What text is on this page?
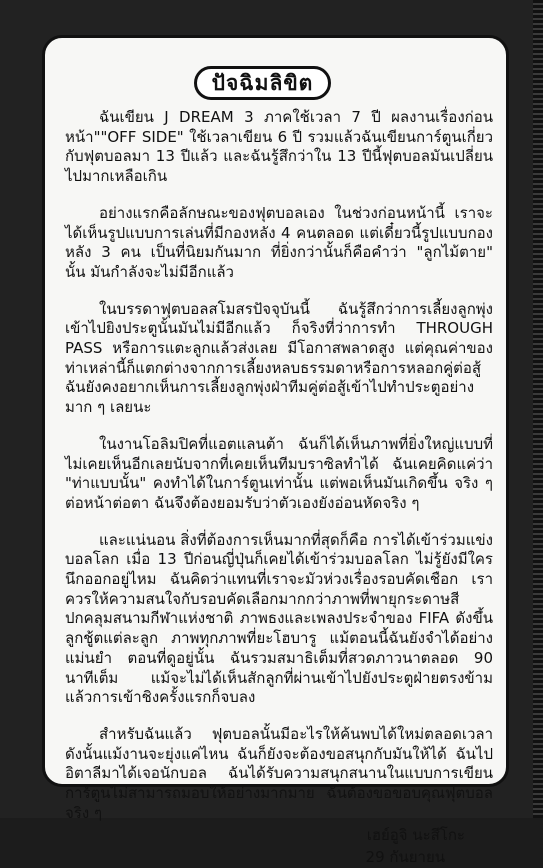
ปัจฉิมลิขิต

ฉันเขียน J DREAM 3 ภาคใช้เวลา 7 ปี ผลงานเรื่องก่อนหน้า""OFF SIDE" ใช้เวลาเขียน 6 ปี รวมแล้วฉันเขียนการ์ตูนเกี่ยวกับฟุตบอลมา 13 ปีแล้ว และฉันรู้สึกว่าใน 13 ปีนี้ฟุตบอลมันเปลี่ยนไปมากเหลือเกิน

อย่างแรกคือลักษณะของฟุตบอลเอง ในช่วงก่อนหน้านี้ เราจะได้เห็นรูปแบบการเล่นที่มีกองหลัง 4 คนตลอด แต่เดี๋ยวนี้รูปแบบกองหลัง 3 คน เป็นที่นิยมกันมาก ที่ยิ่งกว่านั้นก็คือคำว่า "ลูกไม้ตาย" นั้น มันกำลังจะไม่มีอีกแล้ว

ในบรรดาฟุตบอลสโมสรปัจจุบันนี้ ฉันรู้สึกว่าการเลี้ยงลูกพุ่งเข้าไปยิงประตูนั้นมันไม่มีอีกแล้ว ก็จริงที่ว่าการทำ THROUGH PASS หรือการแตะลูกแล้วส่งเลย มีโอกาสพลาดสูง แต่คุณค่าของท่าเหล่านี้ก็แตกต่างจากการเลี้ยงหลบธรรมดาหรือการหลอกคู่ต่อสู้ ฉันยังคงอยากเห็นการเลี้ยงลูกพุ่งฝ่าทีมคู่ต่อสู้เข้าไปทำประตูอย่างมาก ๆ เลยนะ

ในงานโอลิมปิคที่แอตแลนต้า ฉันก็ได้เห็นภาพที่ยิ่งใหญ่แบบที่ไม่เคยเห็นอีกเลยนับจากที่เคยเห็นทีมบราซิลทำได้ ฉันเคยคิดแค่ว่า "ท่าแบบนั้น" คงทำได้ในการ์ตูนเท่านั้น แต่พอเห็นมันเกิดขึ้น จริง ๆ ต่อหน้าต่อตา ฉันจึงต้องยอมรับว่าตัวเองยังอ่อนหัดจริง ๆ

และแน่นอน สิ่งที่ต้องการเห็นมากที่สุดก็คือ การได้เข้าร่วมแข่งบอลโลก เมื่อ 13 ปีก่อนญี่ปุ่นก็เคยได้เข้าร่วมบอลโลก ไม่รู้ยังมีใครนึกออกอยู่ไหม ฉันคิดว่าแทนที่เราจะมัวห่วงเรื่องรอบคัดเชือก เราควรให้ความสนใจกับรอบคัดเลือกมากกว่าภาพที่พายุกระดาษสีปกคลุมสนามกีฬาแห่งชาติ ภาพธงและเพลงประจำของ FIFA ดังขึ้น ลูกชู้ตแต่ละลูก ภาพทุกภาพที่ยะโฮบารู แม้ตอนนี้ฉันยังจำได้อย่างแม่นยำ ตอนที่ดูอยู่นั้น ฉันรวมสมาธิเต็มที่สวดภาวนาตลอด 90 นาทีเต็ม แม้จะไม่ได้เห็นสักลูกที่ผ่านเข้าไปยังประตูฝ่ายตรงข้าม แล้วการเข้าชิงครั้งแรกก็จบลง

สำหรับฉันแล้ว ฟุตบอลนั้นมีอะไรให้ค้นพบได้ใหม่ตลอดเวลา ดังนั้นแม้งานจะยุ่งแค่ไหน ฉันก็ยังจะต้องขอสนุกกับมันให้ได้ ฉันไปอิตาลีมาได้เจอนักบอล ฉันได้รับความสนุกสนานในแบบการเขียนการ์ตูนไม่สามารถมอบให้อย่างมากมาย ฉันต้องขอขอบคุณฟุตบอลจริง ๆ

เฮย์อูจิ นะสึโกะ
29 กันยายน
